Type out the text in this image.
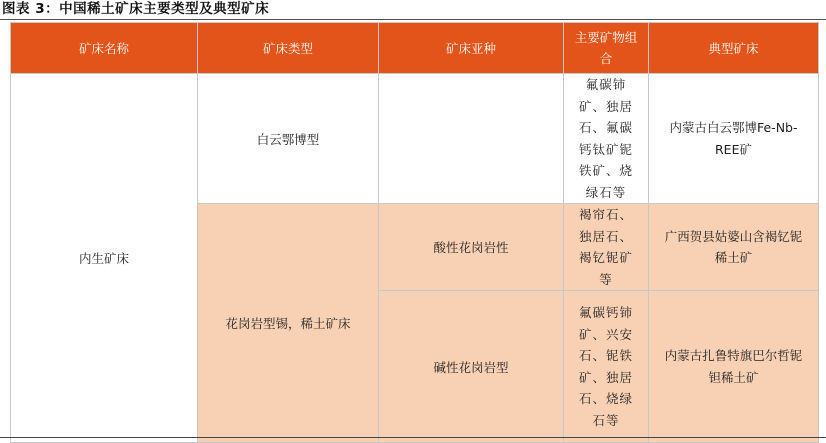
图表 3：中国稀土矿床主要类型及典型矿床
矿床名称	矿床类型	矿床亚种	主要矿物组合	典型矿床
内生矿床	白云鄂博型		氟碳铈矿、独居石、氟碳钙钛矿铌铁矿、烧绿石等	内蒙古白云鄂博Fe-Nb-REE矿
	花岗岩型锡，稀土矿床	酸性花岗岩性	褐帘石、独居石、褐钇铌矿等	广西贺县姑婆山含褐钇铌稀土矿
		碱性花岗岩型	氟碳钙铈矿、兴安石、铌铁矿、独居石、烧绿石等	内蒙古扎鲁特旗巴尔哲铌钽稀土矿
